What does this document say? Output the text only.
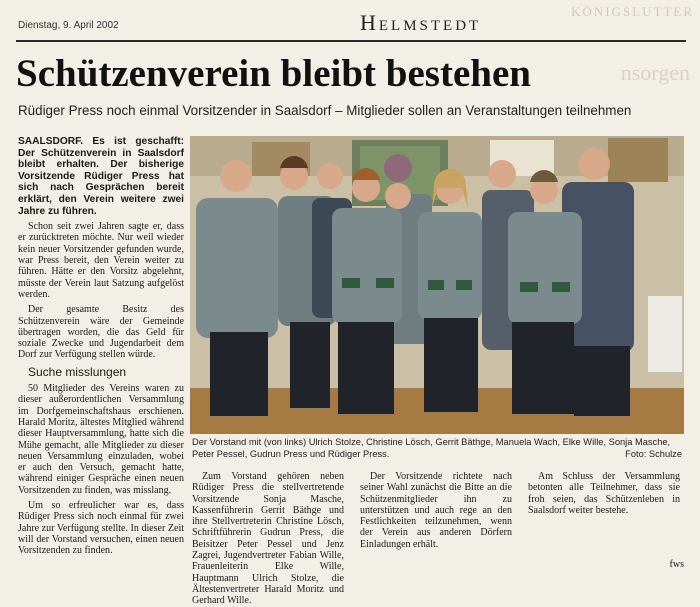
KÖNIGSLUTTER
nsorgen
Dienstag, 9. April 2002	Helmstedt
Schützenverein bleibt bestehen
Rüdiger Press noch einmal Vorsitzender in Saalsdorf – Mitglieder sollen an Veranstaltungen teilnehmen

SAALSDORF. Es ist geschafft: Der Schützenverein in Saalsdorf bleibt erhalten. Der bisherige Vorsitzende Rüdiger Press hat sich nach Gesprächen bereit erklärt, den Verein weitere zwei Jahre zu führen.

Schon seit zwei Jahren sagte er, dass er zurücktreten möchte. Nur weil wieder kein neuer Vorsitzender gefunden wurde, war Press bereit, den Verein weiter zu führen. Hätte er den Vorsitz abgelehnt, müsste der Verein laut Satzung aufgelöst werden.

Der gesamte Besitz des Schützenverein wäre der Gemeinde übertragen worden, die das Geld für soziale Zwecke und Jugendarbeit dem Dorf zur Verfügung stellen würde.

Suche misslungen

50 Mitglieder des Vereins waren zu dieser außerordentlichen Versammlung im Dorfgemeinschaftshaus erschienen. Harald Moritz, ältestes Mitglied während dieser Hauptversammlung, hatte sich die Mühe gemacht, alle Mitglieder zu dieser neuen Versammlung einzuladen, wobei er auch den Versuch, gemacht hatte, während einiger Gespräche einen neuen Vorsitzenden zu finden, was misslang.

Um so erfreulicher war es, dass Rüdiger Press sich noch einmal für zwei Jahre zur Verfügung stellte. In dieser Zeit will der Vorstand versuchen, einen neuen Vorsitzenden zu finden.

Der Vorstand mit (von links) Ulrich Stolze, Christine Lösch, Gerrit Bäthge, Manuela Wach, Elke Wille, Sonja Masche,
Peter Pessel, Gudrun Press und Rüdiger Press.	Foto: Schulze

Zum Vorstand gehören neben Rüdiger Press die stellvertretende Vorsitzende Sonja Masche, Kassenführerin Gerrit Bäthge und ihre Stellvertreterin Christine Lösch, Schriftführerin Gudrun Press, die Beisitzer Peter Pessel und Jenz Zagrei, Jugendvertreter Fabian Wille, Frauenleiterin Elke Wille, Hauptmann Ulrich Stolze, die Ältestenvertreter Harald Moritz und Gerhard Wille.

Der Vorsitzende richtete nach seiner Wahl zunächst die Bitte an die Schützenmitglieder ihn zu unterstützen und auch rege an den Festlichkeiten teilzunehmen, wenn der Verein aus anderen Dörfern Einladungen erhält.

Am Schluss der Versammlung betonten alle Teilnehmer, dass sie froh seien, das Schützenleben in Saalsdorf weiter bestehe.

fws
